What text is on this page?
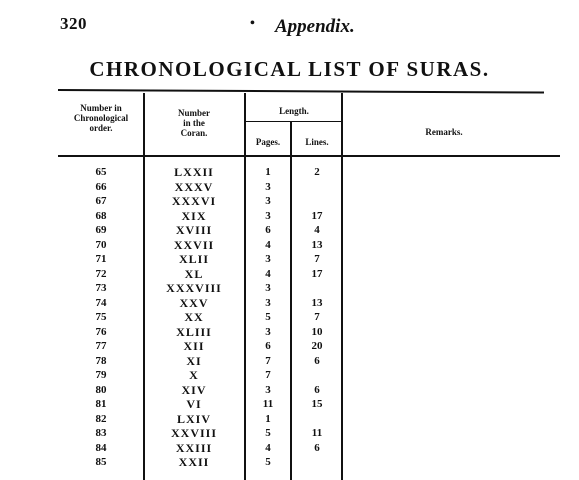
320	• Appendix.
CHRONOLOGICAL LIST OF SURAS.
Number in
Chronological
order.
Number
in the
Coran.
Length.
Pages.	Lines.
Remarks.
65	LXXII	1	2
66	XXXV	3
67	XXXVI	3
68	XIX	3	17
69	XVIII	6	4
70	XXVII	4	13
71	XLII	3	7
72	XL	4	17
73	XXXVIII	3
74	XXV	3	13
75	XX	5	7
76	XLIII	3	10
77	XII	6	20
78	XI	7	6
79	X	7
80	XIV	3	6
81	VI	11	15
82	LXIV	1
83	XXVIII	5	11
84	XXIII	4	6
85	XXII	5
